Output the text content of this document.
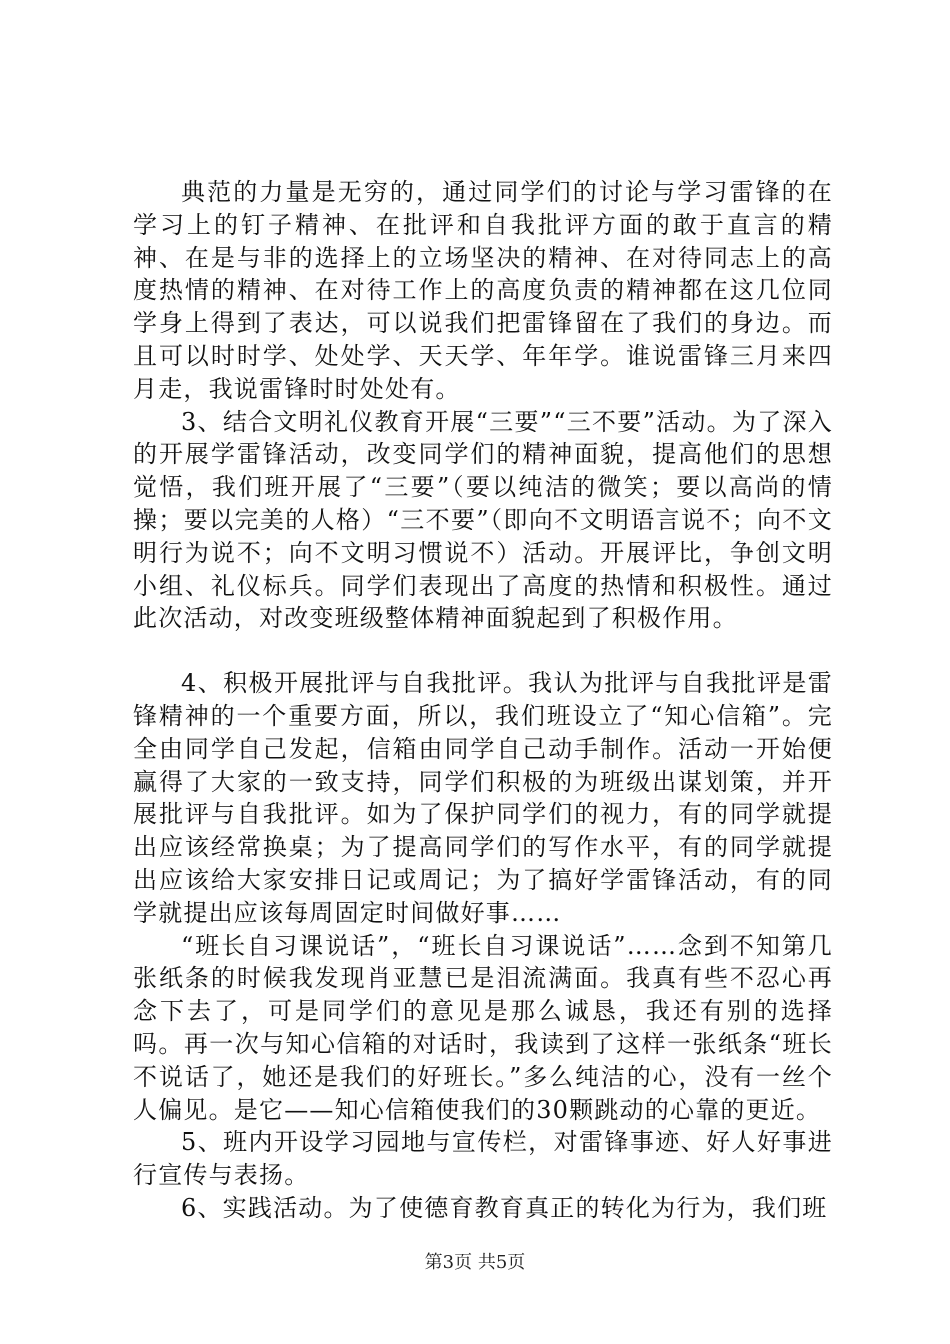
典范的力量是无穷的，通过同学们的讨论与学习雷锋的在学习上的钉子精神、在批评和自我批评方面的敢于直言的精神、在是与非的选择上的立场坚决的精神、在对待同志上的高度热情的精神、在对待工作上的高度负责的精神都在这几位同学身上得到了表达，可以说我们把雷锋留在了我们的身边。而且可以时时学、处处学、天天学、年年学。谁说雷锋三月来四月走，我说雷锋时时处处有。

3、结合文明礼仪教育开展“三要”“三不要”活动。为了深入的开展学雷锋活动，改变同学们的精神面貌，提高他们的思想觉悟，我们班开展了“三要”（要以纯洁的微笑；要以高尚的情操；要以完美的人格）“三不要”（即向不文明语言说不；向不文明行为说不；向不文明习惯说不）活动。开展评比，争创文明小组、礼仪标兵。同学们表现出了高度的热情和积极性。通过此次活动，对改变班级整体精神面貌起到了积极作用。

4、积极开展批评与自我批评。我认为批评与自我批评是雷锋精神的一个重要方面，所以，我们班设立了“知心信箱”。完全由同学自己发起，信箱由同学自己动手制作。活动一开始便赢得了大家的一致支持，同学们积极的为班级出谋划策，并开展批评与自我批评。如为了保护同学们的视力，有的同学就提出应该经常换桌；为了提高同学们的写作水平，有的同学就提出应该给大家安排日记或周记；为了搞好学雷锋活动，有的同学就提出应该每周固定时间做好事……

“班长自习课说话”，“班长自习课说话”……念到不知第几张纸条的时候我发现肖亚慧已是泪流满面。我真有些不忍心再念下去了，可是同学们的意见是那么诚恳，我还有别的选择吗。再一次与知心信箱的对话时，我读到了这样一张纸条“班长不说话了，她还是我们的好班长。”多么纯洁的心，没有一丝个人偏见。是它——知心信箱使我们的30颗跳动的心靠的更近。

5、班内开设学习园地与宣传栏，对雷锋事迹、好人好事进行宣传与表扬。

6、实践活动。为了使德育教育真正的转化为行为，我们班

第3页 共5页
